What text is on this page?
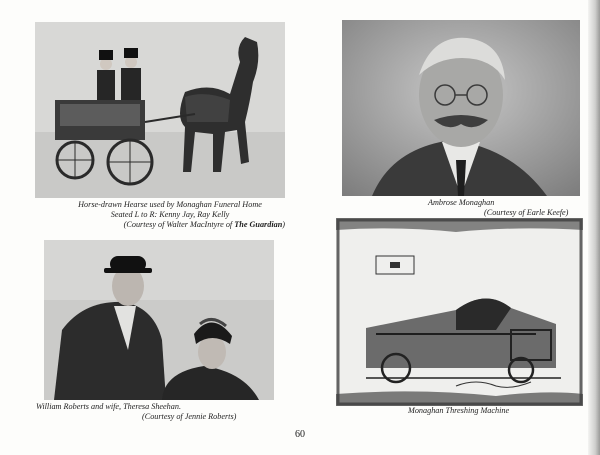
Horse-drawn Hearse used by Monaghan Funeral Home
Seated L to R: Kenny Jay, Ray Kelly
(Courtesy of Walter MacIntyre of The Guardian)
Ambrose Monaghan
(Courtesy of Earle Keefe)
William Roberts and wife, Theresa Sheehan.
(Courtesy of Jennie Roberts)
Monaghan Threshing Machine
60
